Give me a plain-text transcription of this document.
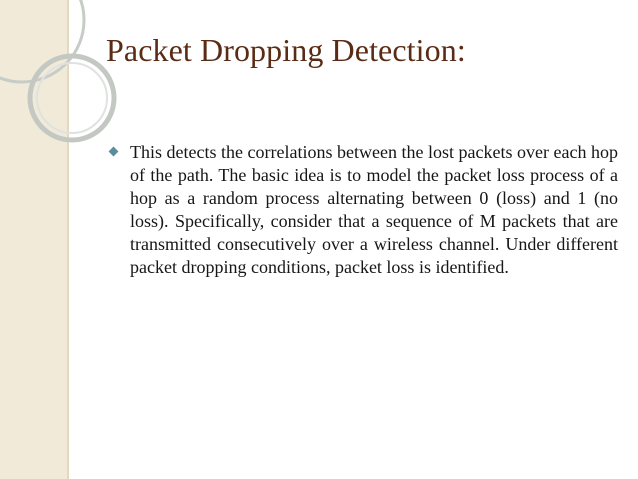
Packet Dropping Detection:

This detects the correlations between the lost packets over each hop of the path. The basic idea is to model the packet loss process of a hop as a random process alternating between 0 (loss) and 1 (no loss). Specifically, consider that a sequence of M packets that are transmitted consecutively over a wireless channel. Under different packet dropping conditions, packet loss is identified.
